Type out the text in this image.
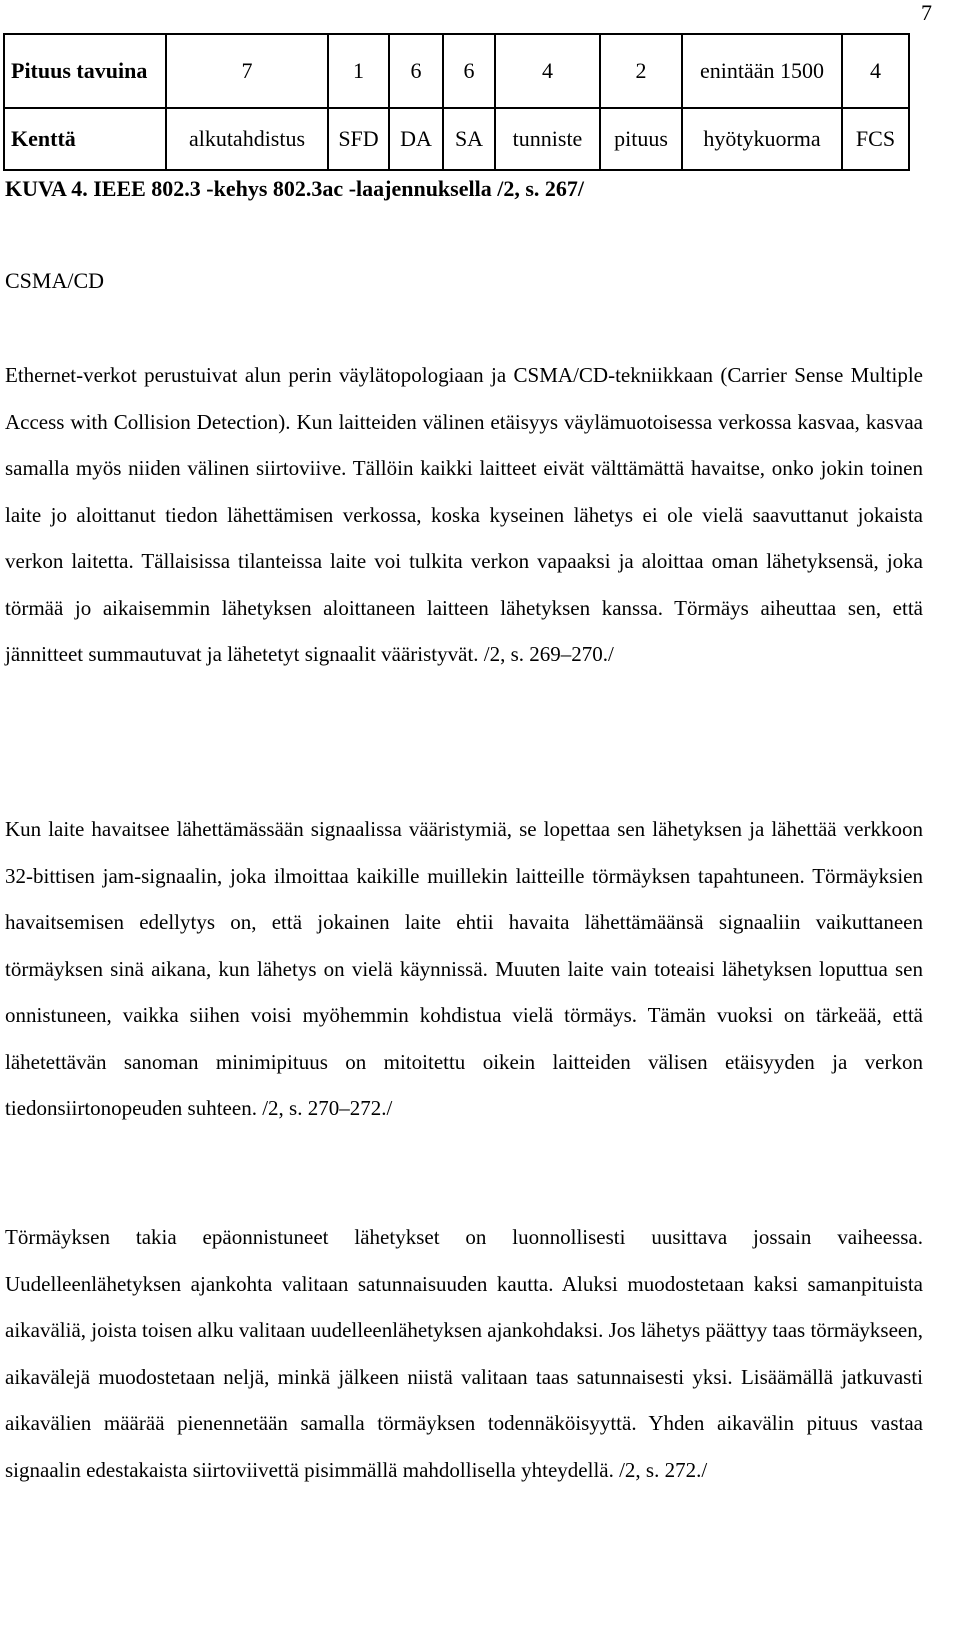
7
Pituus tavuina	7	1	6	6	4	2	enintään 1500	4
Kenttä	alkutahdistus	SFD	DA	SA	tunniste	pituus	hyötykuorma	FCS
KUVA 4. IEEE 802.3 -kehys 802.3ac -laajennuksella /2, s. 267/
CSMA/CD

Ethernet-verkot perustuivat alun perin väylätopologiaan ja CSMA/CD-tekniikkaan (Carrier Sense Multiple Access with Collision Detection). Kun laitteiden välinen etäisyys väylämuotoisessa verkossa kasvaa, kasvaa samalla myös niiden välinen siirtoviive. Tällöin kaikki laitteet eivät välttämättä havaitse, onko jokin toinen laite jo aloittanut tiedon lähettämisen verkossa, koska kyseinen lähetys ei ole vielä saavuttanut jokaista verkon laitetta. Tällaisissa tilanteissa laite voi tulkita verkon vapaaksi ja aloittaa oman lähetyksensä, joka törmää jo aikaisemmin lähetyksen aloittaneen laitteen lähetyksen kanssa. Törmäys aiheuttaa sen, että jännitteet summautuvat ja lähetetyt signaalit vääristyvät. /2, s. 269–270./

Kun laite havaitsee lähettämässään signaalissa vääristymiä, se lopettaa sen lähetyksen ja lähettää verkkoon 32-bittisen jam-signaalin, joka ilmoittaa kaikille muillekin laitteille törmäyksen tapahtuneen. Törmäyksien havaitsemisen edellytys on, että jokainen laite ehtii havaita lähettämäänsä signaaliin vaikuttaneen törmäyksen sinä aikana, kun lähetys on vielä käynnissä. Muuten laite vain toteaisi lähetyksen loputtua sen onnistuneen, vaikka siihen voisi myöhemmin kohdistua vielä törmäys. Tämän vuoksi on tärkeää, että lähetettävän sanoman minimipituus on mitoitettu oikein laitteiden välisen etäisyyden ja verkon tiedonsiirtonopeuden suhteen. /2, s. 270–272./

Törmäyksen takia epäonnistuneet lähetykset on luonnollisesti uusittava jossain vaiheessa. Uudelleenlähetyksen ajankohta valitaan satunnaisuuden kautta. Aluksi muodostetaan kaksi samanpituista aikaväliä, joista toisen alku valitaan uudelleenlähetyksen ajankohdaksi. Jos lähetys päättyy taas törmäykseen, aikavälejä muodostetaan neljä, minkä jälkeen niistä valitaan taas satunnaisesti yksi. Lisäämällä jatkuvasti aikavälien määrää pienennetään samalla törmäyksen todennäköisyyttä. Yhden aikavälin pituus vastaa signaalin edestakaista siirtoviivettä pisimmällä mahdollisella yhteydellä. /2, s. 272./
